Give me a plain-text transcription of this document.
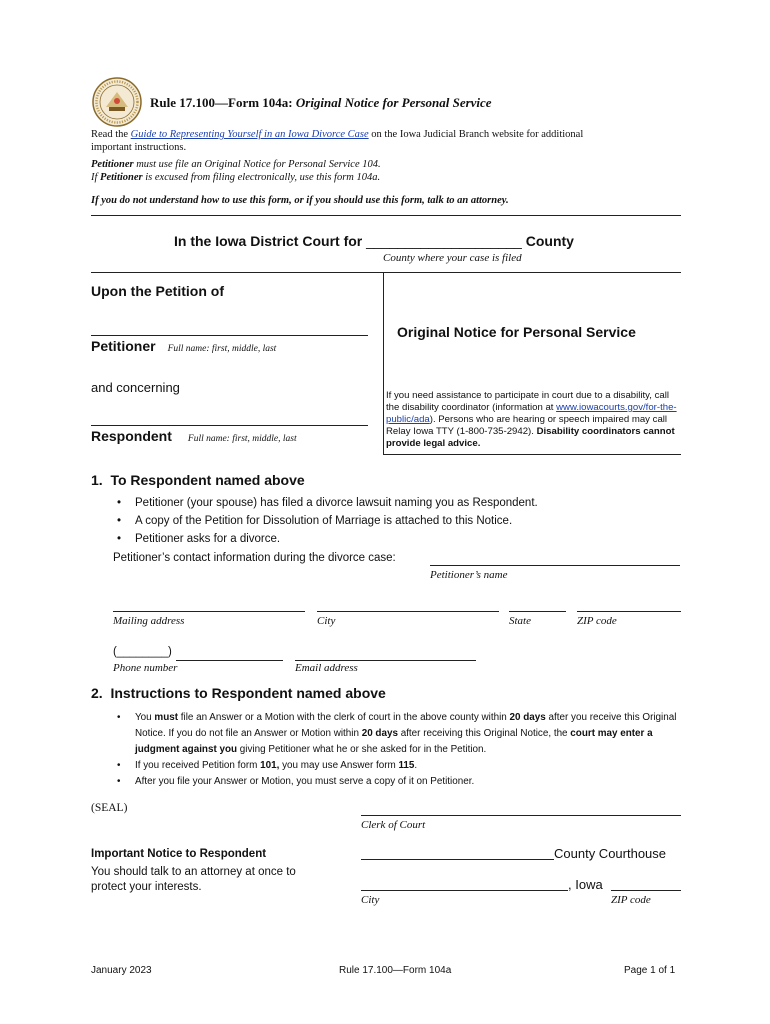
Rule 17.100—Form 104a: Original Notice for Personal Service
Read the Guide to Representing Yourself in an Iowa Divorce Case on the Iowa Judicial Branch website for additional
important instructions.
Petitioner must use file an Original Notice for Personal Service 104.
If Petitioner is excused from filing electronically, use this form 104a.
If you do not understand how to use this form, or if you should use this form, talk to an attorney.
In the Iowa District Court for ____________________ County
County where your case is filed
Upon the Petition of
Petitioner Full name: first, middle, last
and concerning
Respondent Full name: first, middle, last
Original Notice for Personal Service
If you need assistance to participate in court due to a disability, call the disability coordinator (information at www.iowacourts.gov/for-the-public/ada). Persons who are hearing or speech impaired may call Relay Iowa TTY (1-800-735-2942). Disability coordinators cannot provide legal advice.
1.  To Respondent named above
• Petitioner (your spouse) has filed a divorce lawsuit naming you as Respondent.
• A copy of the Petition for Dissolution of Marriage is attached to this Notice.
• Petitioner asks for a divorce.
Petitioner’s contact information during the divorce case:
Petitioner’s name
Mailing address	City	State	ZIP code
(________)
Phone number	Email address
2.  Instructions to Respondent named above
• You must file an Answer or a Motion with the clerk of court in the above county within 20 days after you receive this Original Notice. If you do not file an Answer or Motion within 20 days after receiving this Original Notice, the court may enter a judgment against you giving Petitioner what he or she asked for in the Petition.
• If you received Petition form 101, you may use Answer form 115.
• After you file your Answer or Motion, you must serve a copy of it on Petitioner.
(SEAL)
Clerk of Court
County Courthouse
, Iowa
City	ZIP code
Important Notice to Respondent
You should talk to an attorney at once to protect your interests.
January 2023	Rule 17.100—Form 104a	Page 1 of 1
